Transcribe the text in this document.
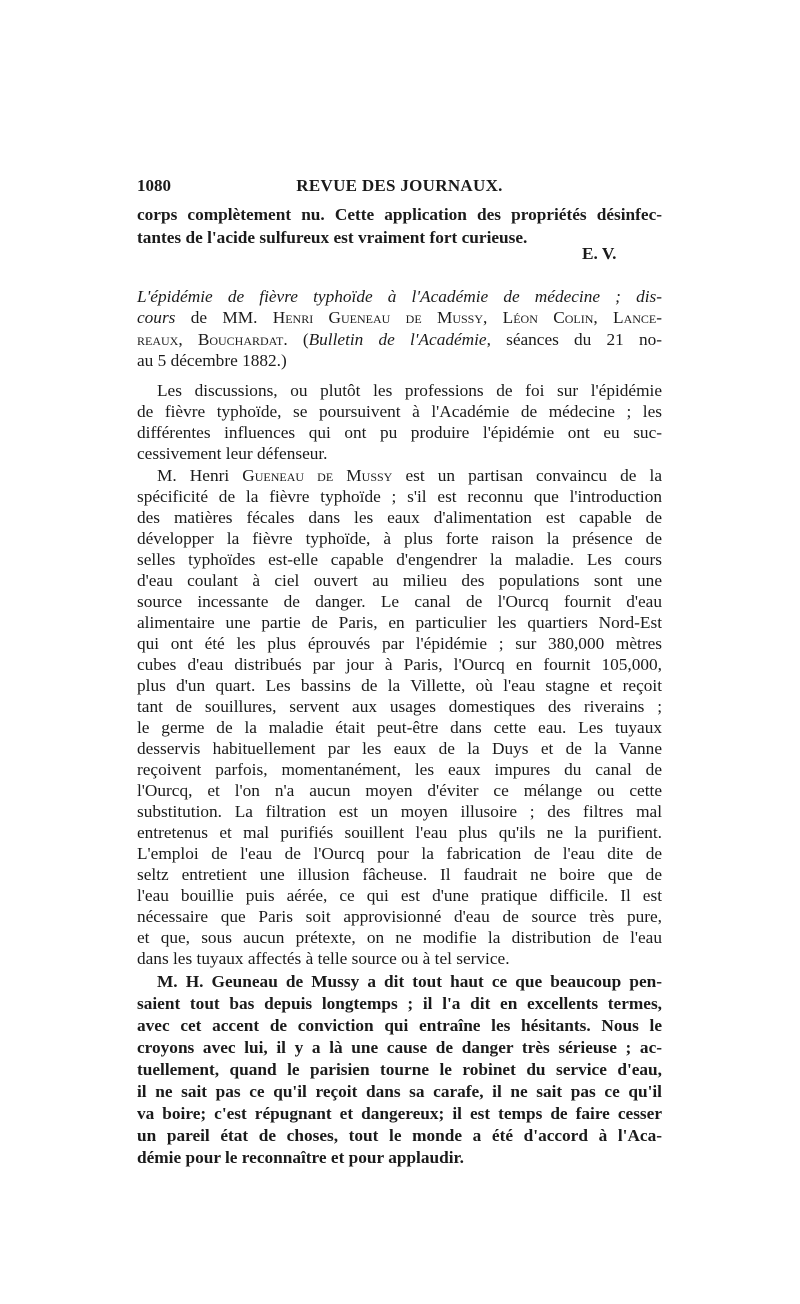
1080	REVUE DES JOURNAUX.
corps complètement nu. Cette application des propriétés désinfec-
tantes de l'acide sulfureux est vraiment fort curieuse.
E. V.
L'épidémie de fièvre typhoïde à l'Académie de médecine ; dis-
cours de MM. Henri Gueneau de Mussy, Léon Colin, Lance-
reaux, Bouchardat. (Bulletin de l'Académie, séances du 21 no-
au 5 décembre 1882.)
Les discussions, ou plutôt les professions de foi sur l'épidémie
de fièvre typhoïde, se poursuivent à l'Académie de médecine ; les
différentes influences qui ont pu produire l'épidémie ont eu suc-
cessivement leur défenseur.
M. Henri Gueneau de Mussy est un partisan convaincu de la
spécificité de la fièvre typhoïde ; s'il est reconnu que l'introduction
des matières fécales dans les eaux d'alimentation est capable de
développer la fièvre typhoïde, à plus forte raison la présence de
selles typhoïdes est-elle capable d'engendrer la maladie. Les cours
d'eau coulant à ciel ouvert au milieu des populations sont une
source incessante de danger. Le canal de l'Ourcq fournit d'eau
alimentaire une partie de Paris, en particulier les quartiers Nord-Est
qui ont été les plus éprouvés par l'épidémie ; sur 380,000 mètres
cubes d'eau distribués par jour à Paris, l'Ourcq en fournit 105,000,
plus d'un quart. Les bassins de la Villette, où l'eau stagne et reçoit
tant de souillures, servent aux usages domestiques des riverains ;
le germe de la maladie était peut-être dans cette eau. Les tuyaux
desservis habituellement par les eaux de la Duys et de la Vanne
reçoivent parfois, momentanément, les eaux impures du canal de
l'Ourcq, et l'on n'a aucun moyen d'éviter ce mélange ou cette
substitution. La filtration est un moyen illusoire ; des filtres mal
entretenus et mal purifiés souillent l'eau plus qu'ils ne la purifient.
L'emploi de l'eau de l'Ourcq pour la fabrication de l'eau dite de
seltz entretient une illusion fâcheuse. Il faudrait ne boire que de
l'eau bouillie puis aérée, ce qui est d'une pratique difficile. Il est
nécessaire que Paris soit approvisionné d'eau de source très pure,
et que, sous aucun prétexte, on ne modifie la distribution de l'eau
dans les tuyaux affectés à telle source ou à tel service.
M. H. Geuneau de Mussy a dit tout haut ce que beaucoup pen-
saient tout bas depuis longtemps ; il l'a dit en excellents termes,
avec cet accent de conviction qui entraîne les hésitants. Nous le
croyons avec lui, il y a là une cause de danger très sérieuse ; ac-
tuellement, quand le parisien tourne le robinet du service d'eau,
il ne sait pas ce qu'il reçoit dans sa carafe, il ne sait pas ce qu'il
va boire; c'est répugnant et dangereux; il est temps de faire cesser
un pareil état de choses, tout le monde a été d'accord à l'Aca-
démie pour le reconnaître et pour applaudir.
